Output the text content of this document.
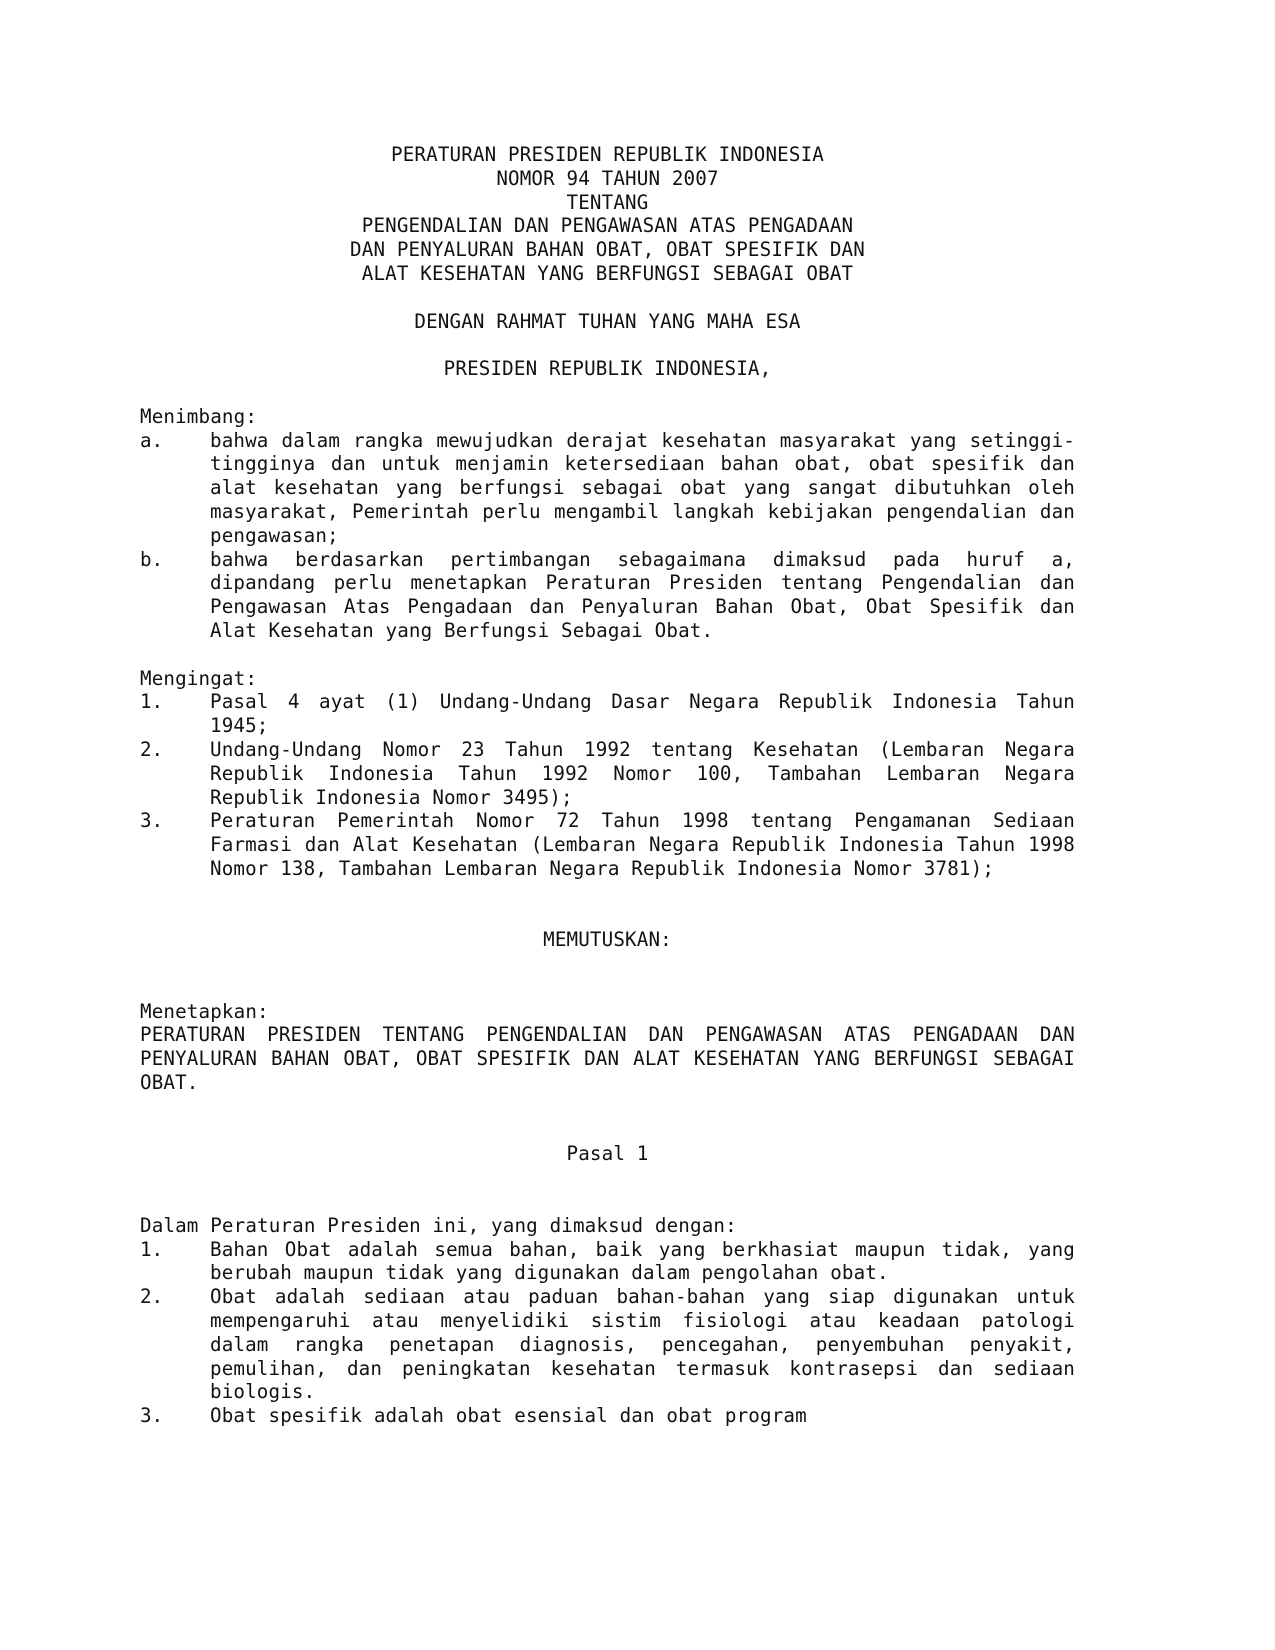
PERATURAN PRESIDEN REPUBLIK INDONESIA
NOMOR 94 TAHUN 2007
TENTANG
PENGENDALIAN DAN PENGAWASAN ATAS PENGADAAN
DAN PENYALURAN BAHAN OBAT, OBAT SPESIFIK DAN
ALAT KESEHATAN YANG BERFUNGSI SEBAGAI OBAT
DENGAN RAHMAT TUHAN YANG MAHA ESA
PRESIDEN REPUBLIK INDONESIA,
Menimbang:
a.	bahwa dalam rangka mewujudkan derajat kesehatan masyarakat yang setinggi-tingginya dan untuk menjamin ketersediaan bahan obat, obat spesifik dan alat kesehatan yang berfungsi sebagai obat yang sangat dibutuhkan oleh masyarakat, Pemerintah perlu mengambil langkah kebijakan pengendalian dan pengawasan;
b.	bahwa berdasarkan pertimbangan sebagaimana dimaksud pada huruf a, dipandang perlu menetapkan Peraturan Presiden tentang Pengendalian dan Pengawasan Atas Pengadaan dan Penyaluran Bahan Obat, Obat Spesifik dan Alat Kesehatan yang Berfungsi Sebagai Obat.
Mengingat:
1.	Pasal 4 ayat (1) Undang-Undang Dasar Negara Republik Indonesia Tahun 1945;
2.	Undang-Undang Nomor 23 Tahun 1992 tentang Kesehatan (Lembaran Negara Republik Indonesia Tahun 1992 Nomor 100, Tambahan Lembaran Negara Republik Indonesia Nomor 3495);
3.	Peraturan Pemerintah Nomor 72 Tahun 1998 tentang Pengamanan Sediaan Farmasi dan Alat Kesehatan (Lembaran Negara Republik Indonesia Tahun 1998 Nomor 138, Tambahan Lembaran Negara Republik Indonesia Nomor 3781);
MEMUTUSKAN:
Menetapkan:
PERATURAN PRESIDEN TENTANG PENGENDALIAN DAN PENGAWASAN ATAS PENGADAAN DAN PENYALURAN BAHAN OBAT, OBAT SPESIFIK DAN ALAT KESEHATAN YANG BERFUNGSI SEBAGAI OBAT.
Pasal 1
Dalam Peraturan Presiden ini, yang dimaksud dengan:
1.	Bahan Obat adalah semua bahan, baik yang berkhasiat maupun tidak, yang berubah maupun tidak yang digunakan dalam pengolahan obat.
2.	Obat adalah sediaan atau paduan bahan-bahan yang siap digunakan untuk mempengaruhi atau menyelidiki sistim fisiologi atau keadaan patologi dalam rangka penetapan diagnosis, pencegahan, penyembuhan penyakit, pemulihan, dan peningkatan kesehatan termasuk kontrasepsi dan sediaan biologis.
3.	Obat spesifik adalah obat esensial dan obat program
